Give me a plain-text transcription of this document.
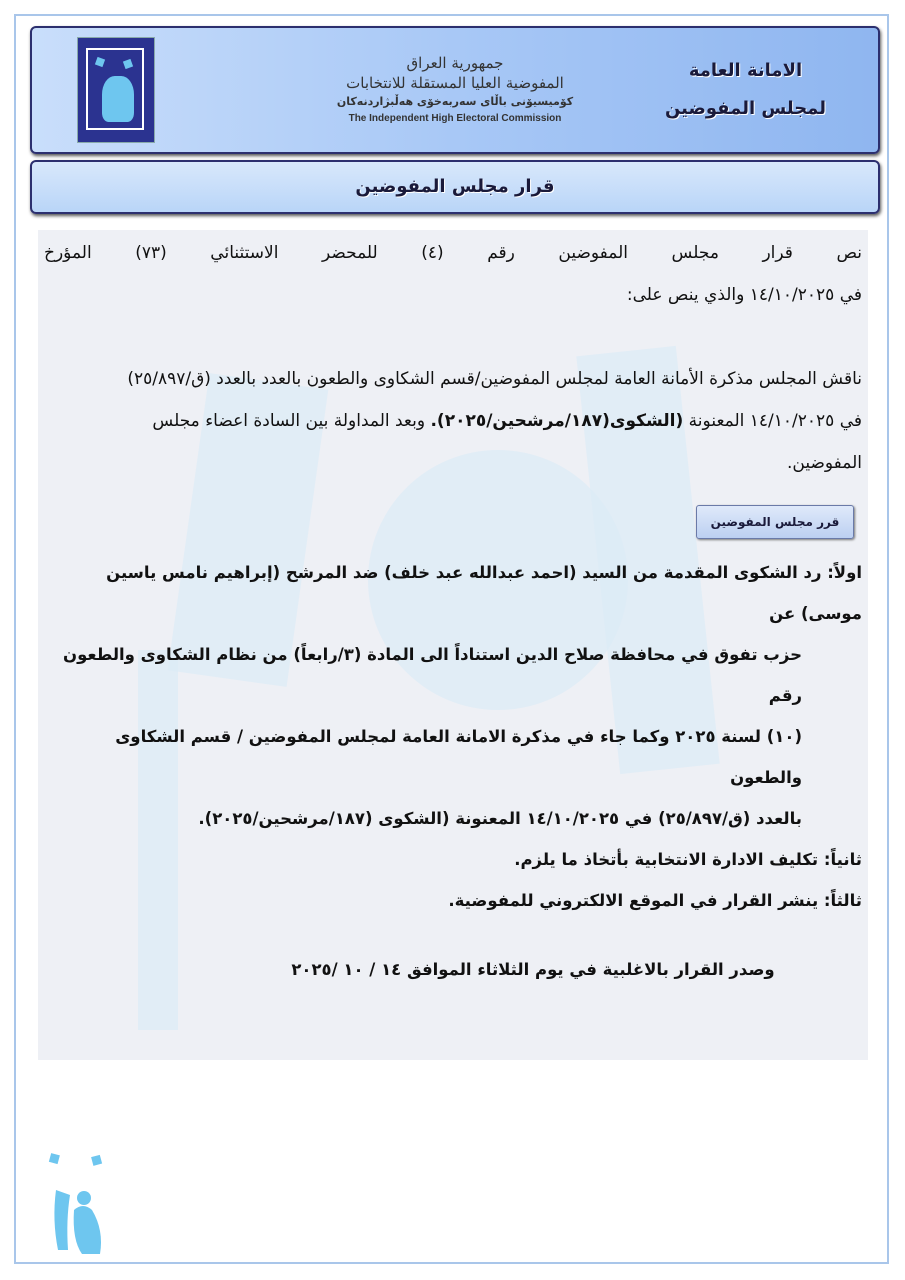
جمهورية العراق
المفوضية العليا المستقلة للانتخابات
كۆمیسیۆنی باڵای سەربەخۆی هەڵبژاردنەکان
The Independent High Electoral Commission
الامانة العامة
لمجلس المفوضين
قرار مجلس المفوضين
نص قرار مجلس المفوضين رقم (٤) للمحضر الاستثنائي (٧٣) المؤرخ
في ١٤/١٠/٢٠٢٥ والذي ينص على:
ناقش المجلس مذكرة الأمانة العامة لمجلس المفوضين/قسم الشكاوى والطعون بالعدد بالعدد (ق/٢٥/٨٩٧)
في ١٤/١٠/٢٠٢٥ المعنونة (الشكوى(١٨٧/مرشحين/٢٠٢٥). وبعد المداولة بين السادة اعضاء مجلس
المفوضين.
قرر مجلس المفوضين
اولاً: رد الشكوى المقدمة من السيد (احمد عبدالله عبد خلف) ضد المرشح (إبراهيم نامس ياسين موسى) عن
حزب تفوق في محافظة صلاح الدين استناداً الى المادة (٣/رابعاً) من نظام الشكاوى والطعون رقم
(١٠) لسنة ٢٠٢٥ وكما جاء في مذكرة الامانة العامة لمجلس المفوضين / قسم الشكاوى والطعون
بالعدد (ق/٢٥/٨٩٧) في ١٤/١٠/٢٠٢٥ المعنونة (الشكوى (١٨٧/مرشحين/٢٠٢٥).
ثانياً: تكليف الادارة الانتخابية بأتخاذ ما يلزم.
ثالثاً: ينشر القرار في الموقع الالكتروني للمفوضية.
وصدر القرار بالاغلبية في يوم الثلاثاء الموافق ١٤ / ١٠ /٢٠٢٥
